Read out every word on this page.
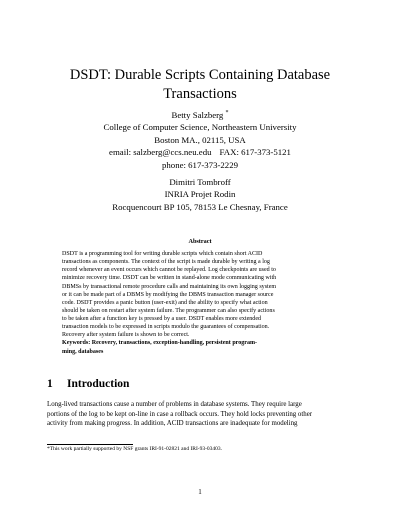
DSDT: Durable Scripts Containing Database
Transactions
Betty Salzberg *
College of Computer Science, Northeastern University
Boston MA., 02115, USA
email: salzberg@ccs.neu.edu FAX: 617-373-5121
phone: 617-373-2229
Dimitri Tombroff
INRIA Projet Rodin
Rocquencourt BP 105, 78153 Le Chesnay, France
Abstract
DSDT is a programming tool for writing durable scripts which contain short ACID
transactions as components. The context of the script is made durable by writing a log
record whenever an event occurs which cannot be replayed. Log checkpoints are used to
minimize recovery time. DSDT can be written in stand-alone mode communicating with
DBMSs by transactional remote procedure calls and maintaining its own logging system
or it can be made part of a DBMS by modifying the DBMS transaction manager source
code. DSDT provides a panic button (user-exit) and the ability to specify what action
should be taken on restart after system failure. The programmer can also specify actions
to be taken after a function key is pressed by a user. DSDT enables more extended
transaction models to be expressed in scripts modulo the guarantees of compensation.
Recovery after system failure is shown to be correct.
Keywords: Recovery, transactions, exception-handling, persistent program-
ming, databases
1 Introduction
Long-lived transactions cause a number of problems in database systems. They require large
portions of the log to be kept on-line in case a rollback occurs. They hold locks preventing other
activity from making progress. In addition, ACID transactions are inadequate for modeling
*This work partially supported by NSF grants IRI-91-02821 and IRI-93-03403.
1
